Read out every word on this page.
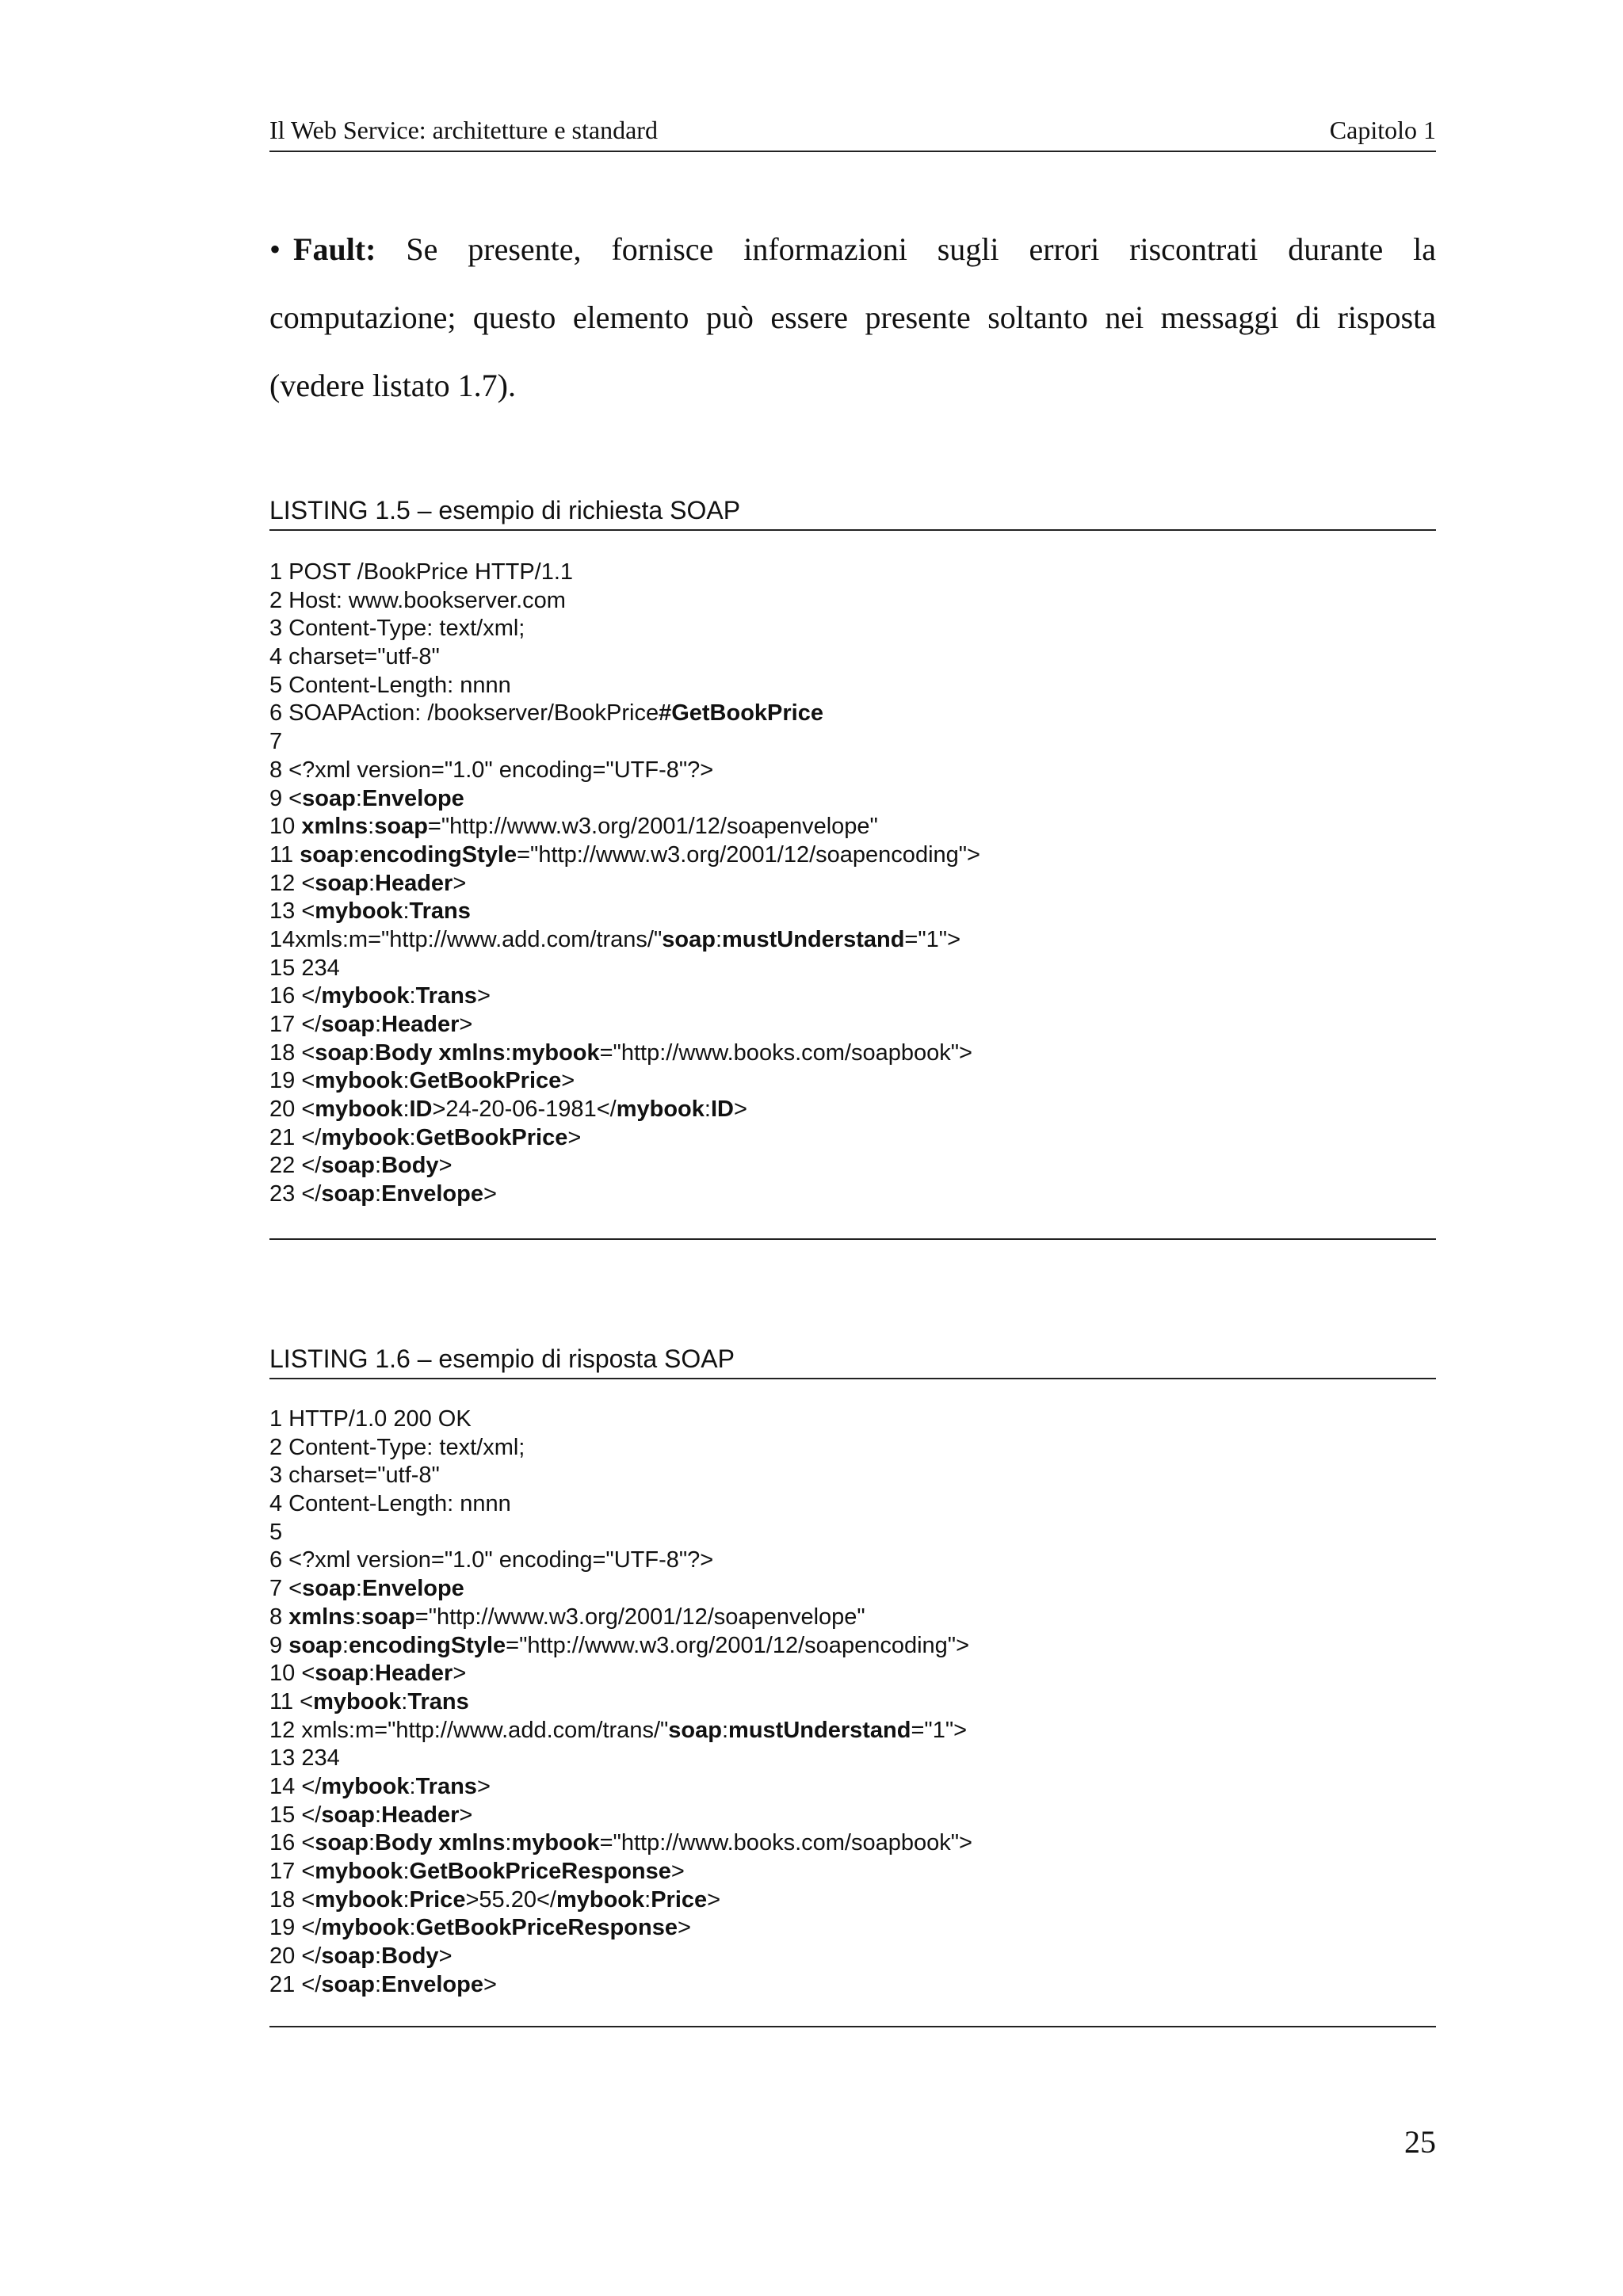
Il Web Service: architetture e standard	Capitolo 1
• Fault: Se presente, fornisce informazioni sugli errori riscontrati durante la
computazione; questo elemento può essere presente soltanto nei messaggi di risposta
(vedere listato 1.7).
LISTING 1.5 – esempio di richiesta SOAP
1 POST /BookPrice HTTP/1.1
2 Host: www.bookserver.com
3 Content-Type: text/xml;
4 charset="utf-8"
5 Content-Length: nnnn
6 SOAPAction: /bookserver/BookPrice#GetBookPrice
7
8 <?xml version="1.0" encoding="UTF-8"?>
9 <soap:Envelope
10 xmlns:soap="http://www.w3.org/2001/12/soapenvelope"
11 soap:encodingStyle="http://www.w3.org/2001/12/soapencoding">
12 <soap:Header>
13 <mybook:Trans
14xmls:m="http://www.add.com/trans/"soap:mustUnderstand="1">
15 234
16 </mybook:Trans>
17 </soap:Header>
18 <soap:Body xmlns:mybook="http://www.books.com/soapbook">
19 <mybook:GetBookPrice>
20 <mybook:ID>24-20-06-1981</mybook:ID>
21 </mybook:GetBookPrice>
22 </soap:Body>
23 </soap:Envelope>
LISTING 1.6 – esempio di risposta SOAP
1 HTTP/1.0 200 OK
2 Content-Type: text/xml;
3 charset="utf-8"
4 Content-Length: nnnn
5
6 <?xml version="1.0" encoding="UTF-8"?>
7 <soap:Envelope
8 xmlns:soap="http://www.w3.org/2001/12/soapenvelope"
9 soap:encodingStyle="http://www.w3.org/2001/12/soapencoding">
10 <soap:Header>
11 <mybook:Trans
12 xmls:m="http://www.add.com/trans/"soap:mustUnderstand="1">
13 234
14 </mybook:Trans>
15 </soap:Header>
16 <soap:Body xmlns:mybook="http://www.books.com/soapbook">
17 <mybook:GetBookPriceResponse>
18 <mybook:Price>55.20</mybook:Price>
19 </mybook:GetBookPriceResponse>
20 </soap:Body>
21 </soap:Envelope>
25
